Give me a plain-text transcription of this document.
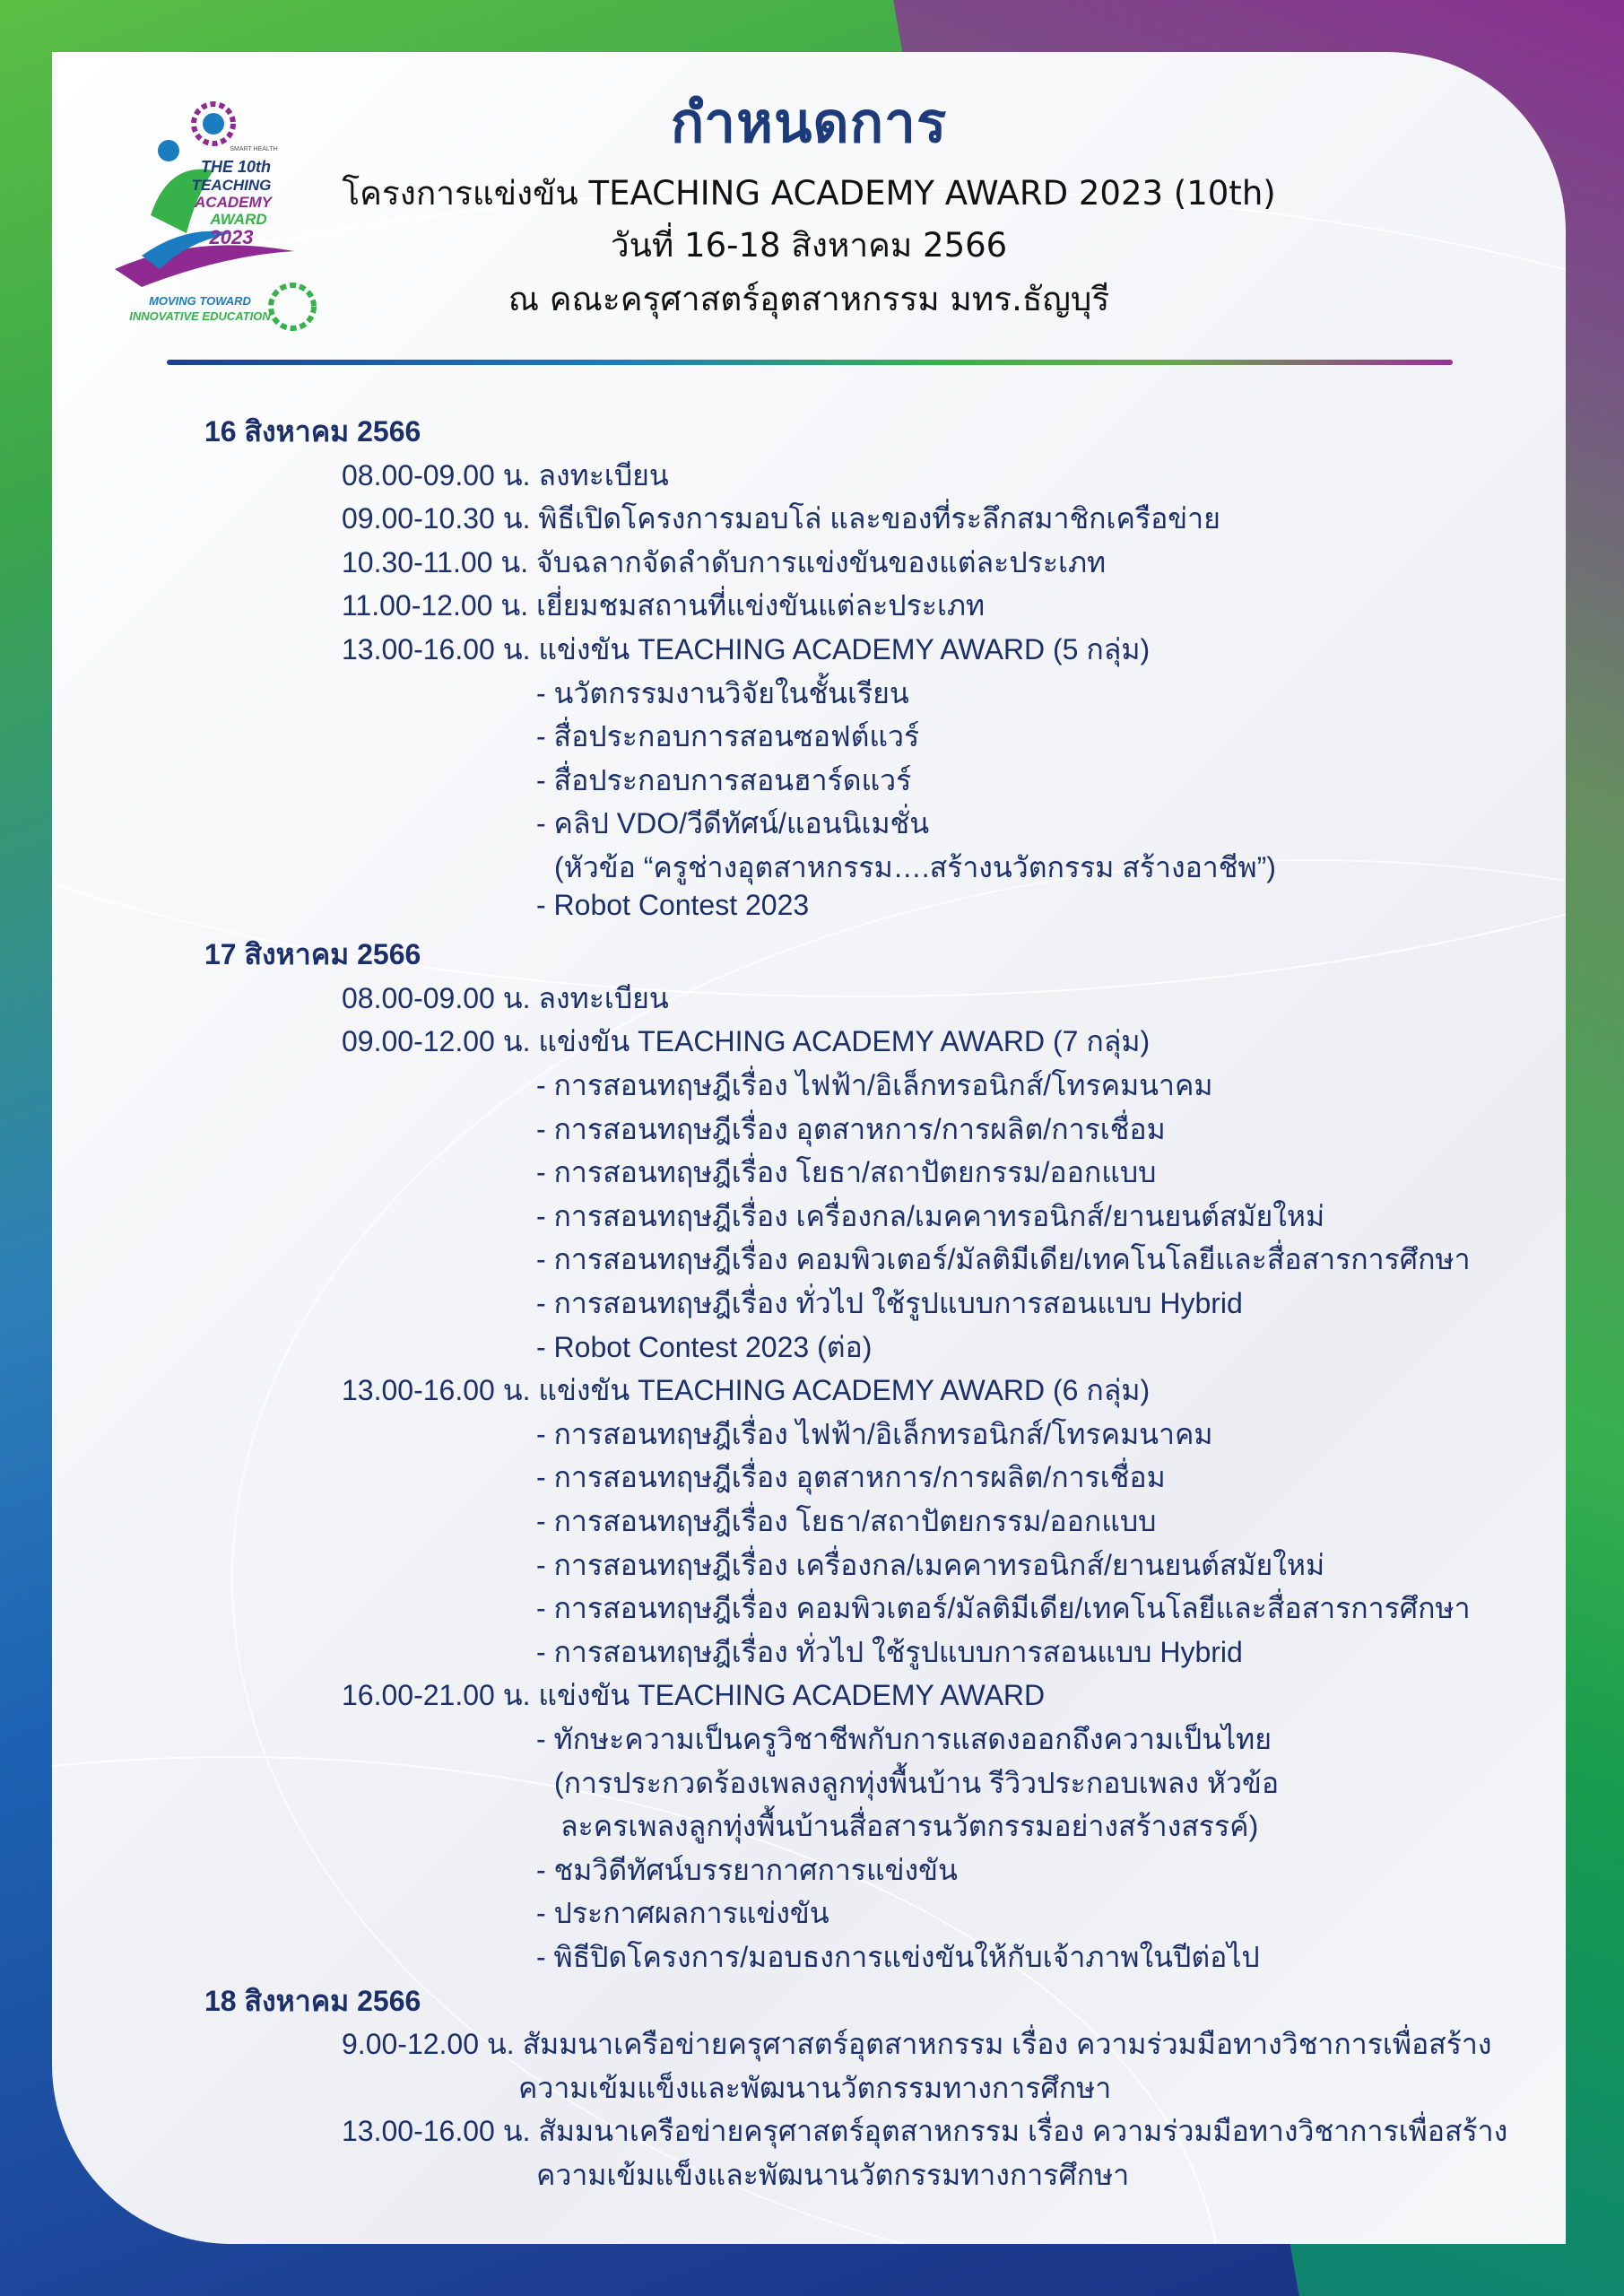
SMART HEALTH
THE 10th
TEACHING
ACADEMY
AWARD
2023
MOVING TOWARD
INNOVATIVE EDUCATION
กำหนดการ
โครงการแข่งขัน TEACHING ACADEMY AWARD 2023 (10th)
วันที่ 16-18 สิงหาคม 2566
ณ คณะครุศาสตร์อุตสาหกรรม มทร.ธัญบุรี
16 สิงหาคม 2566
08.00-09.00 น. ลงทะเบียน
09.00-10.30 น. พิธีเปิดโครงการมอบโล่ และของที่ระลึกสมาชิกเครือข่าย
10.30-11.00 น. จับฉลากจัดลำดับการแข่งขันของแต่ละประเภท
11.00-12.00 น. เยี่ยมชมสถานที่แข่งขันแต่ละประเภท
13.00-16.00 น. แข่งขัน TEACHING ACADEMY AWARD (5 กลุ่ม)
- นวัตกรรมงานวิจัยในชั้นเรียน
- สื่อประกอบการสอนซอฟต์แวร์
- สื่อประกอบการสอนฮาร์ดแวร์
- คลิป VDO/วีดีทัศน์/แอนนิเมชั่น
(หัวข้อ “ครูช่างอุตสาหกรรม….สร้างนวัตกรรม สร้างอาชีพ”)
- Robot Contest 2023
17 สิงหาคม 2566
08.00-09.00 น. ลงทะเบียน
09.00-12.00 น. แข่งขัน TEACHING ACADEMY AWARD (7 กลุ่ม)
- การสอนทฤษฎีเรื่อง ไฟฟ้า/อิเล็กทรอนิกส์/โทรคมนาคม
- การสอนทฤษฎีเรื่อง อุตสาหการ/การผลิต/การเชื่อม
- การสอนทฤษฎีเรื่อง โยธา/สถาปัตยกรรม/ออกแบบ
- การสอนทฤษฎีเรื่อง เครื่องกล/เมคคาทรอนิกส์/ยานยนต์สมัยใหม่
- การสอนทฤษฎีเรื่อง คอมพิวเตอร์/มัลติมีเดีย/เทคโนโลยีและสื่อสารการศึกษา
- การสอนทฤษฎีเรื่อง ทั่วไป ใช้รูปแบบการสอนแบบ Hybrid
- Robot Contest 2023 (ต่อ)
13.00-16.00 น. แข่งขัน TEACHING ACADEMY AWARD (6 กลุ่ม)
- การสอนทฤษฎีเรื่อง ไฟฟ้า/อิเล็กทรอนิกส์/โทรคมนาคม
- การสอนทฤษฎีเรื่อง อุตสาหการ/การผลิต/การเชื่อม
- การสอนทฤษฎีเรื่อง โยธา/สถาปัตยกรรม/ออกแบบ
- การสอนทฤษฎีเรื่อง เครื่องกล/เมคคาทรอนิกส์/ยานยนต์สมัยใหม่
- การสอนทฤษฎีเรื่อง คอมพิวเตอร์/มัลติมีเดีย/เทคโนโลยีและสื่อสารการศึกษา
- การสอนทฤษฎีเรื่อง ทั่วไป ใช้รูปแบบการสอนแบบ Hybrid
16.00-21.00 น. แข่งขัน TEACHING ACADEMY AWARD
- ทักษะความเป็นครูวิชาชีพกับการแสดงออกถึงความเป็นไทย
(การประกวดร้องเพลงลูกทุ่งพื้นบ้าน รีวิวประกอบเพลง หัวข้อ
ละครเพลงลูกทุ่งพื้นบ้านสื่อสารนวัตกรรมอย่างสร้างสรรค์)
- ชมวิดีทัศน์บรรยากาศการแข่งขัน
- ประกาศผลการแข่งขัน
- พิธีปิดโครงการ/มอบธงการแข่งขันให้กับเจ้าภาพในปีต่อไป
18 สิงหาคม 2566
9.00-12.00 น. สัมมนาเครือข่ายครุศาสตร์อุตสาหกรรม เรื่อง ความร่วมมือทางวิชาการเพื่อสร้าง
ความเข้มแข็งและพัฒนานวัตกรรมทางการศึกษา
13.00-16.00 น. สัมมนาเครือข่ายครุศาสตร์อุตสาหกรรม เรื่อง ความร่วมมือทางวิชาการเพื่อสร้าง
ความเข้มแข็งและพัฒนานวัตกรรมทางการศึกษา
